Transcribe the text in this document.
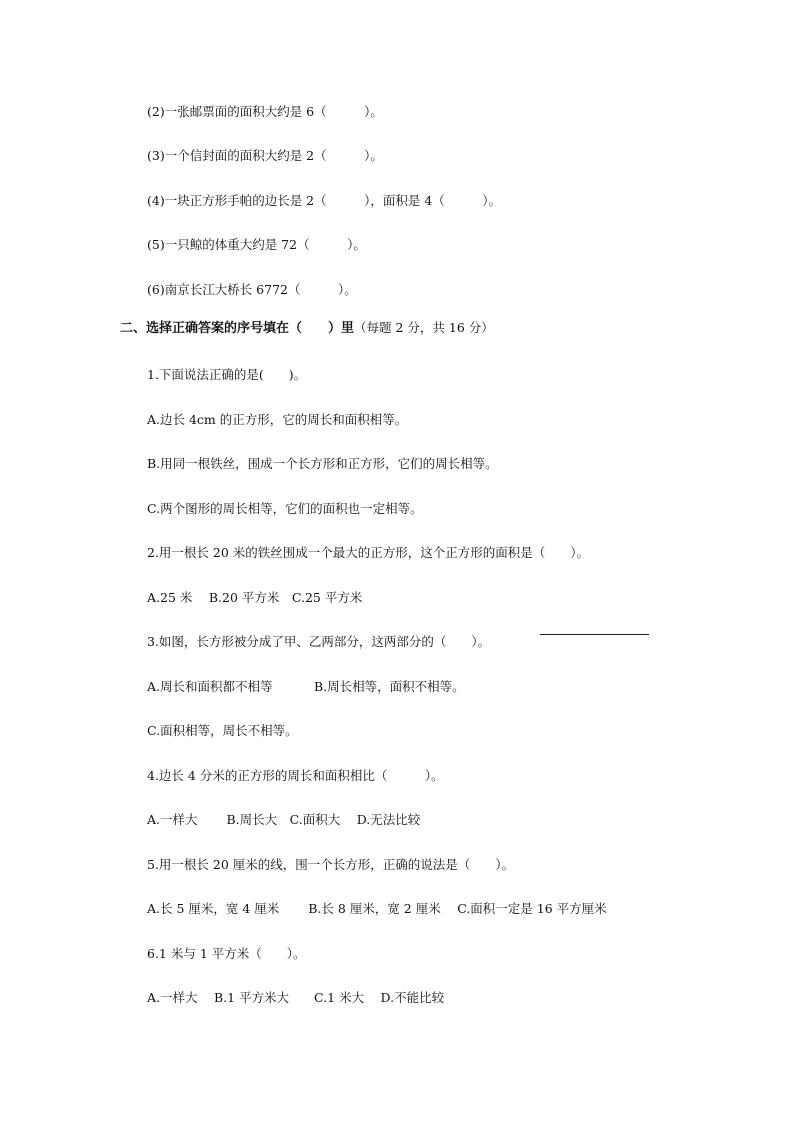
(2)一张邮票面的面积大约是 6（　　　）。
(3)一个信封面的面积大约是 2（　　　）。
(4)一块正方形手帕的边长是 2（　　　），面积是 4（　　　）。
(5)一只鲸的体重大约是 72（　　　）。
(6)南京长江大桥长 6772（　　　）。
二、选择正确答案的序号填在（　　）里（每题 2 分，共 16 分）
1.下面说法正确的是(　　)。
A.边长 4cm 的正方形，它的周长和面积相等。
B.用同一根铁丝，围成一个长方形和正方形，它们的周长相等。
C.两个图形的周长相等，它们的面积也一定相等。
2.用一根长 20 米的铁丝围成一个最大的正方形，这个正方形的面积是（　　）。
A.25 米　 B.20 平方米　C.25 平方米
3.如图，长方形被分成了甲、乙两部分，这两部分的（　　）。
A.周长和面积都不相等　　　 B.周长相等，面积不相等。
C.面积相等，周长不相等。
4.边长 4 分米的正方形的周长和面积相比（　　　）。
A.一样大　　 B.周长大　C.面积大　 D.无法比较
5.用一根长 20 厘米的线，围一个长方形，正确的说法是（　　）。
A.长 5 厘米，宽 4 厘米　　 B.长 8 厘米，宽 2 厘米　 C.面积一定是 16 平方厘米
6.1 米与 1 平方米（　　）。
A.一样大　 B.1 平方米大　　C.1 米大　 D.不能比较
